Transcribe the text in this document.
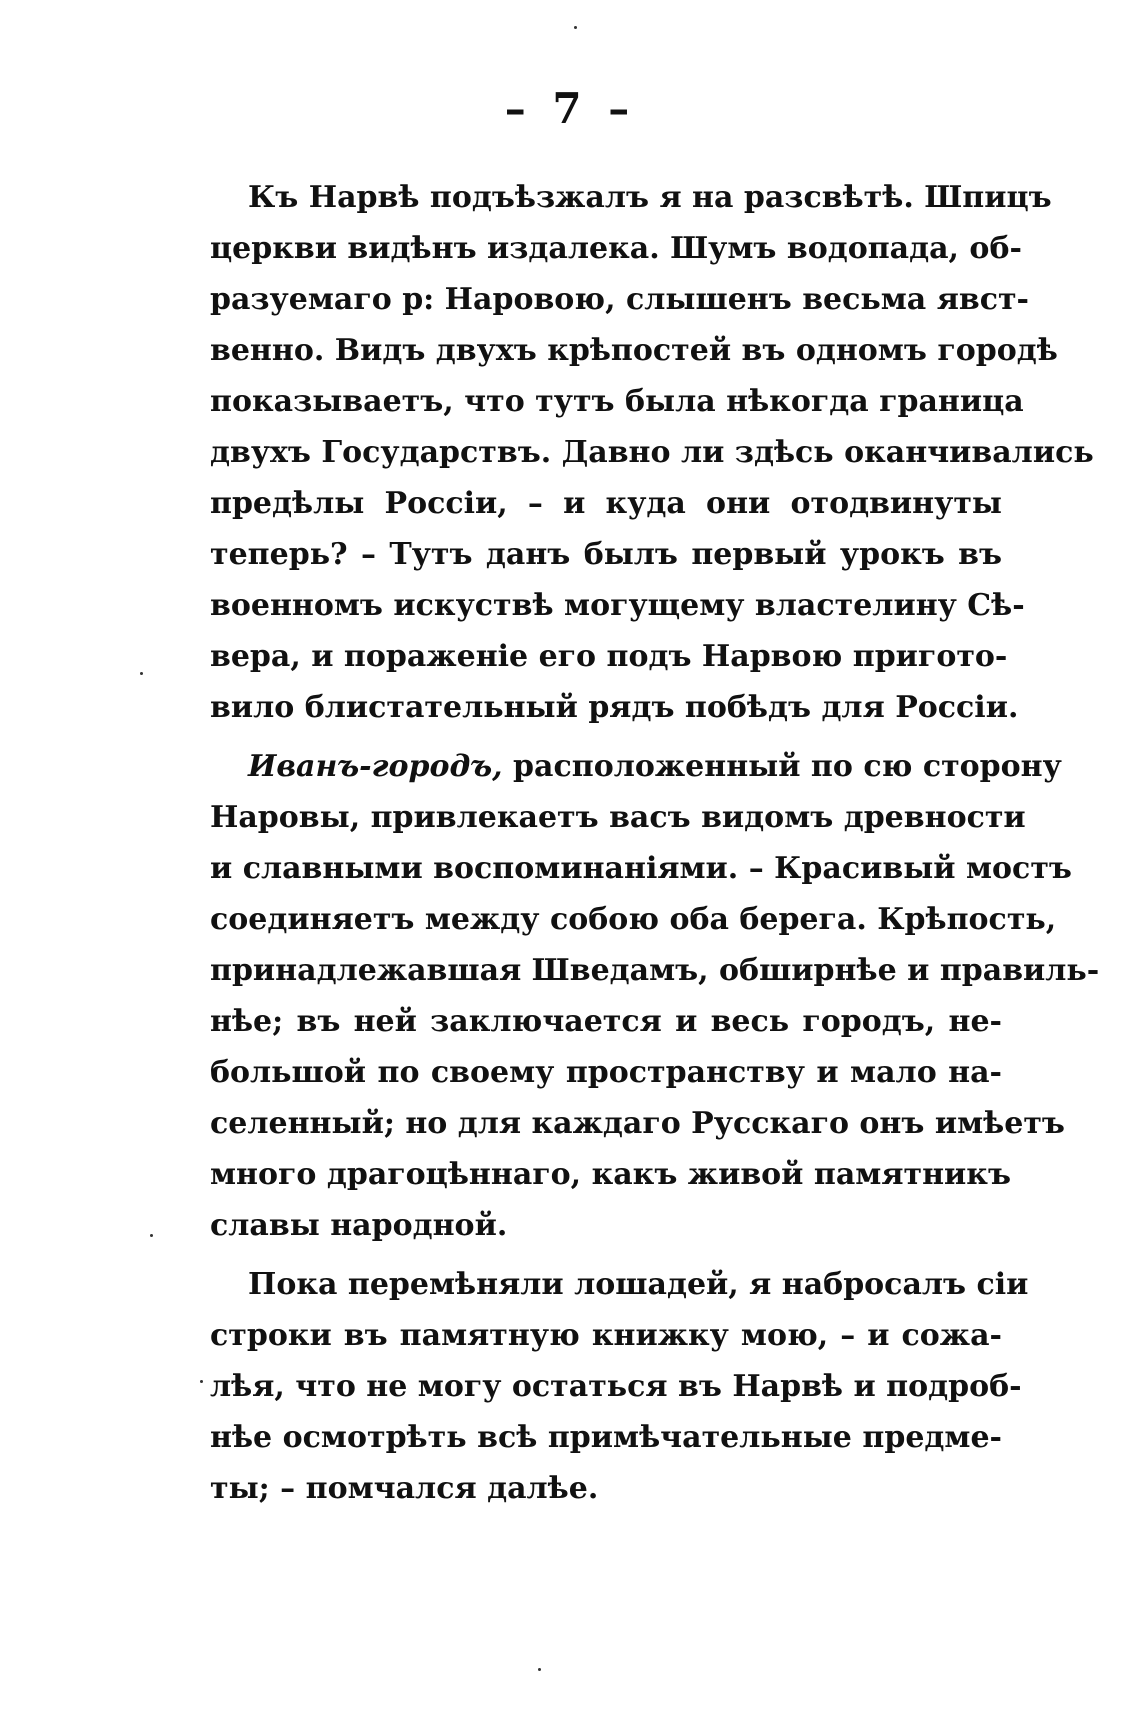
– 7 –
Къ Нарвѣ подъѣзжалъ я на разсвѣтѣ. Шпицъ
церкви видѣнъ издалека. Шумъ водопада, об-
разуемаго р: Наровою, слышенъ весьма явст-
венно. Видъ двухъ крѣпостей въ одномъ городѣ
показываетъ, что тутъ была нѣкогда граница
двухъ Государствъ. Давно ли здѣсь оканчивались
предѣлы Россіи, – и куда они отодвинуты
теперь? – Тутъ данъ былъ первый урокъ въ
военномъ искуствѣ могущему властелину Сѣ-
вера, и пораженіе его подъ Нарвою пригото-
вило блистательный рядъ побѣдъ для Россіи.
Иванъ-городъ, расположенный по сю сторону
Наровы, привлекаетъ васъ видомъ древности
и славными воспоминаніями. – Красивый мостъ
соединяетъ между собою оба берега. Крѣпость,
принадлежавшая Шведамъ, обширнѣе и правиль-
нѣе; въ ней заключается и весь городъ, не-
большой по своему пространству и мало на-
селенный; но для каждаго Русскаго онъ имѣетъ
много драгоцѣннаго, какъ живой памятникъ
славы народной.
Пока перемѣняли лошадей, я набросалъ сіи
строки въ памятную книжку мою, – и сожа-
лѣя, что не могу остаться въ Нарвѣ и подроб-
нѣе осмотрѣть всѣ примѣчательные предме-
ты; – помчался далѣе.
